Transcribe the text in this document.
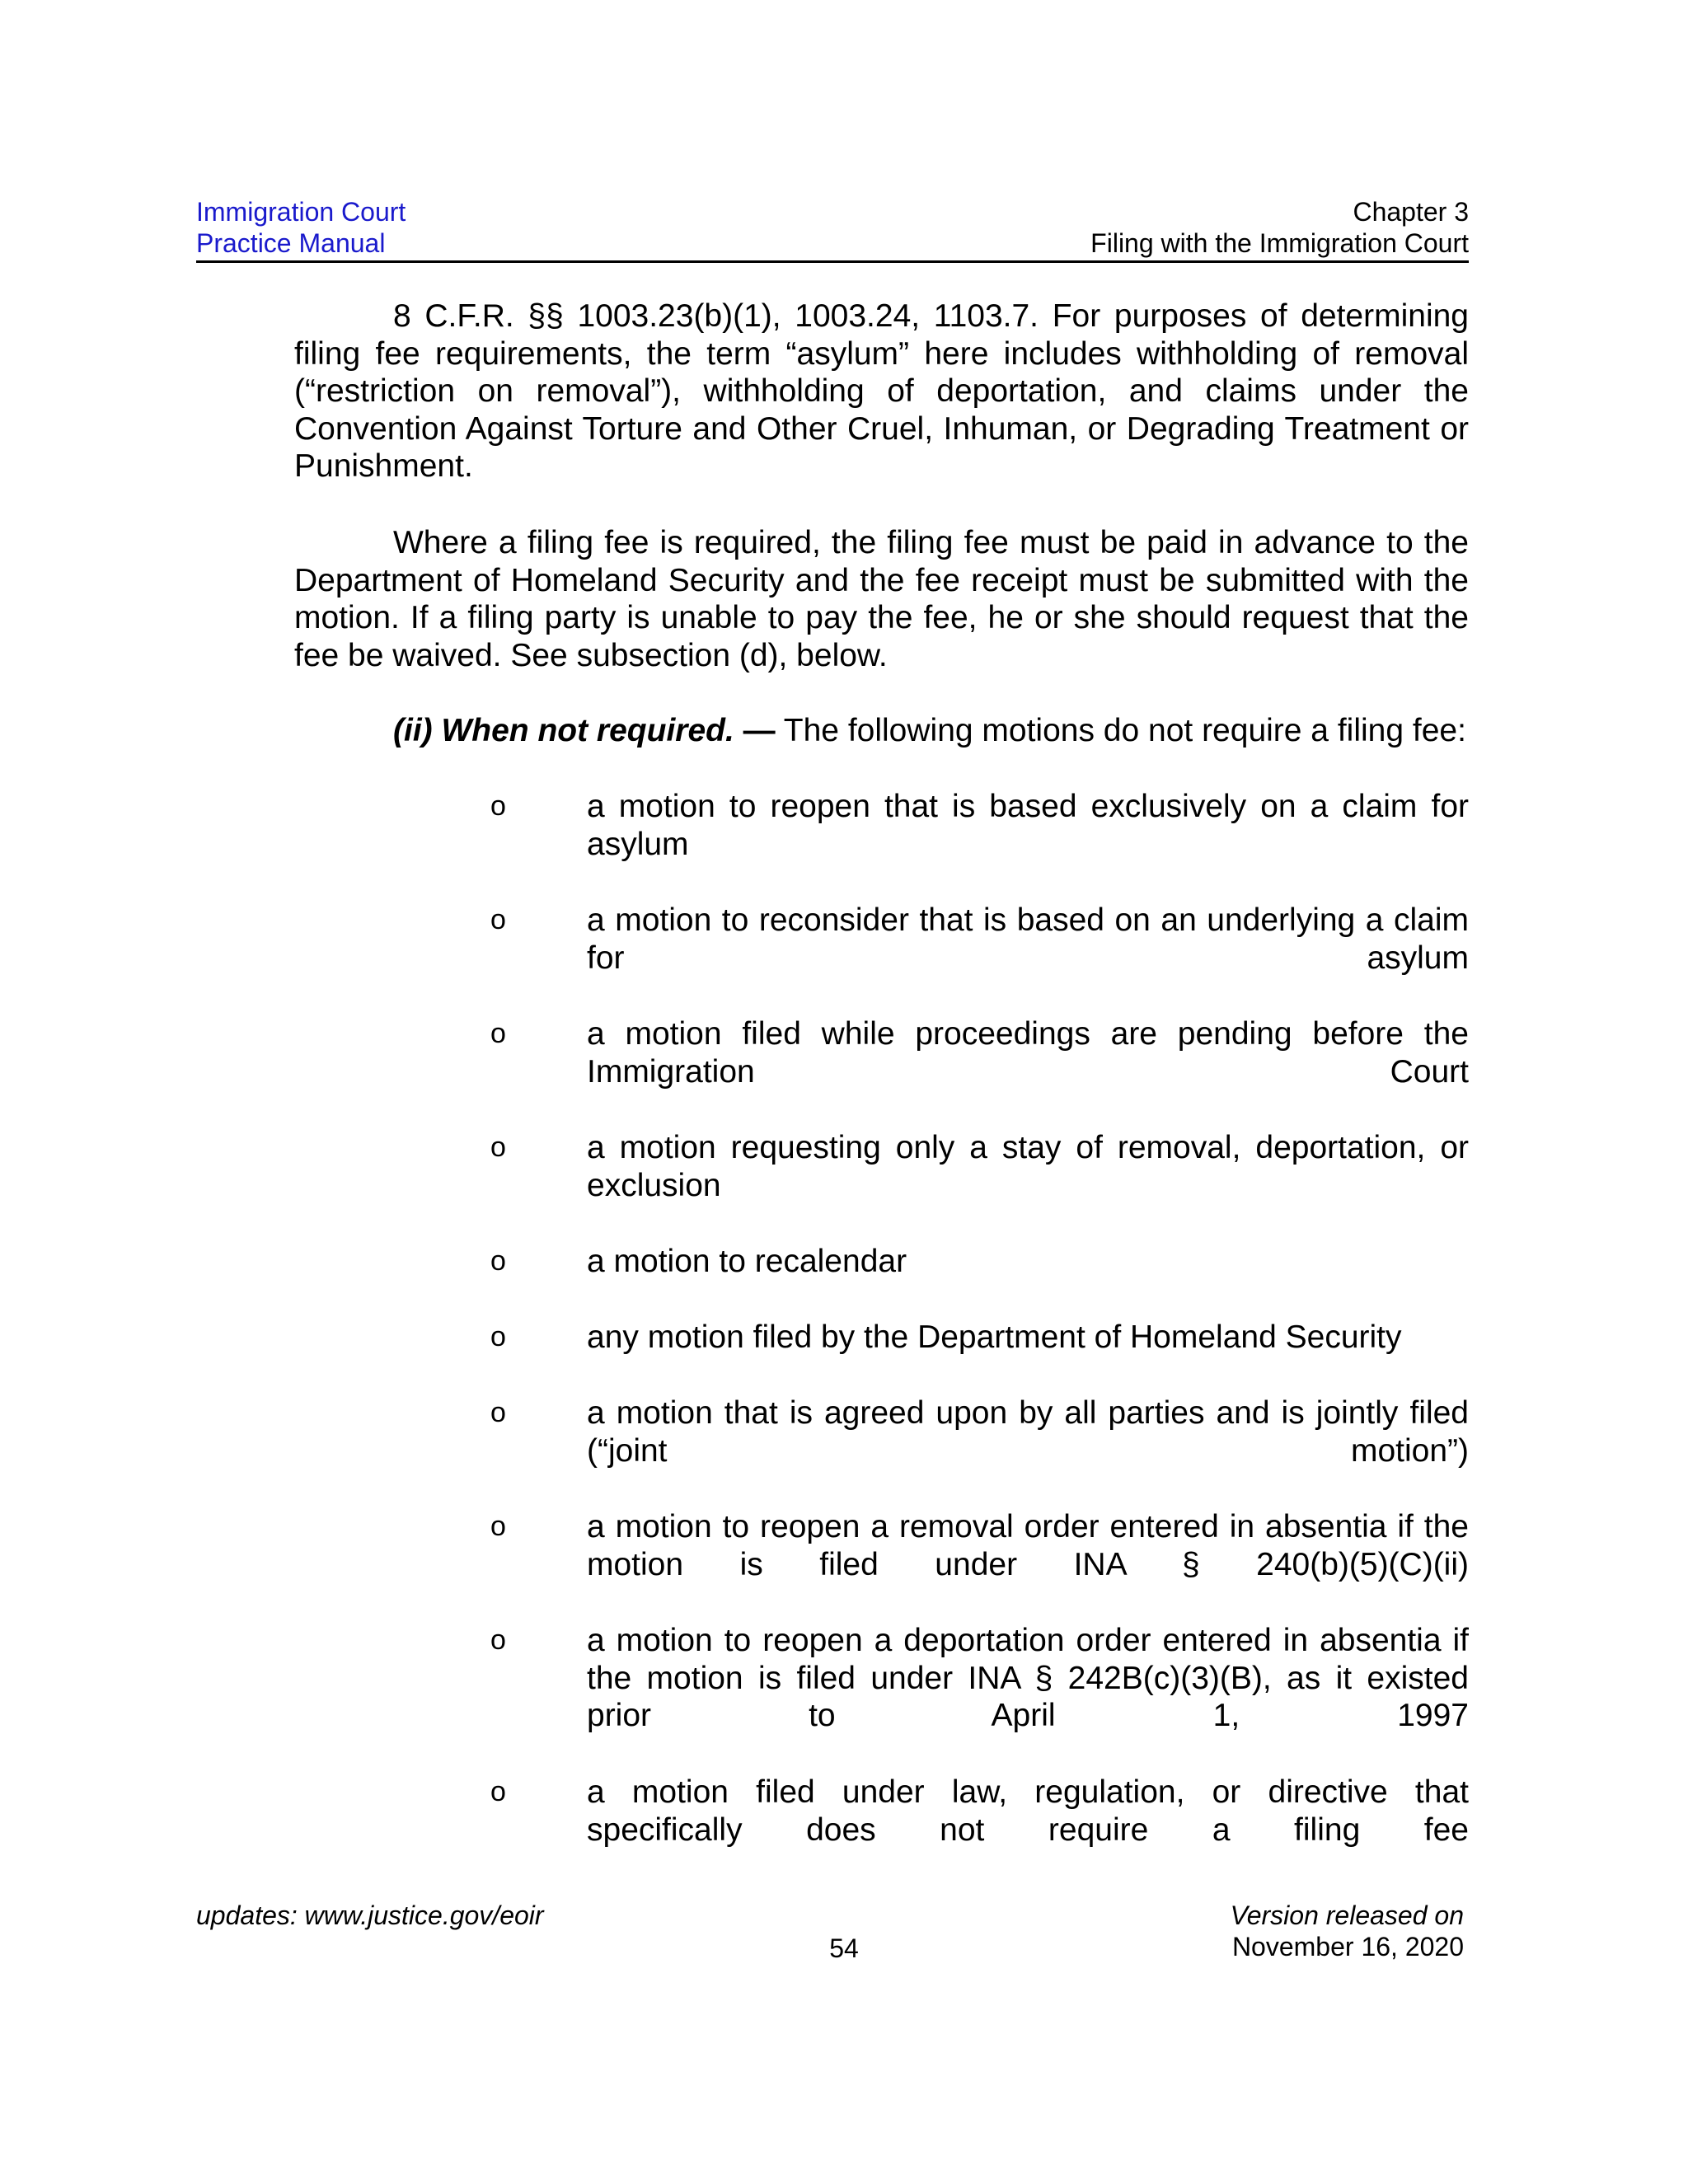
Immigration Court
Practice Manual
Chapter 3
Filing with the Immigration Court

8 C.F.R. §§ 1003.23(b)(1), 1003.24, 1103.7. For purposes of determining filing fee requirements, the term “asylum” here includes withholding of removal (“restriction on removal”), withholding of deportation, and claims under the Convention Against Torture and Other Cruel, Inhuman, or Degrading Treatment or Punishment.

Where a filing fee is required, the filing fee must be paid in advance to the Department of Homeland Security and the fee receipt must be submitted with the motion. If a filing party is unable to pay the fee, he or she should request that the fee be waived. See subsection (d), below.

(ii) When not required. — The following motions do not require a filing fee:

o	a motion to reopen that is based exclusively on a claim for asylum
o	a motion to reconsider that is based on an underlying a claim for asylum
o	a motion filed while proceedings are pending before the Immigration Court
o	a motion requesting only a stay of removal, deportation, or exclusion
o	a motion to recalendar
o	any motion filed by the Department of Homeland Security
o	a motion that is agreed upon by all parties and is jointly filed (“joint motion”)
o	a motion to reopen a removal order entered in absentia if the motion is filed under INA § 240(b)(5)(C)(ii)
o	a motion to reopen a deportation order entered in absentia if the motion is filed under INA § 242B(c)(3)(B), as it existed prior to April 1, 1997
o	a motion filed under law, regulation, or directive that specifically does not require a filing fee
updates: www.justice.gov/eoir
54
Version released on
November 16, 2020
